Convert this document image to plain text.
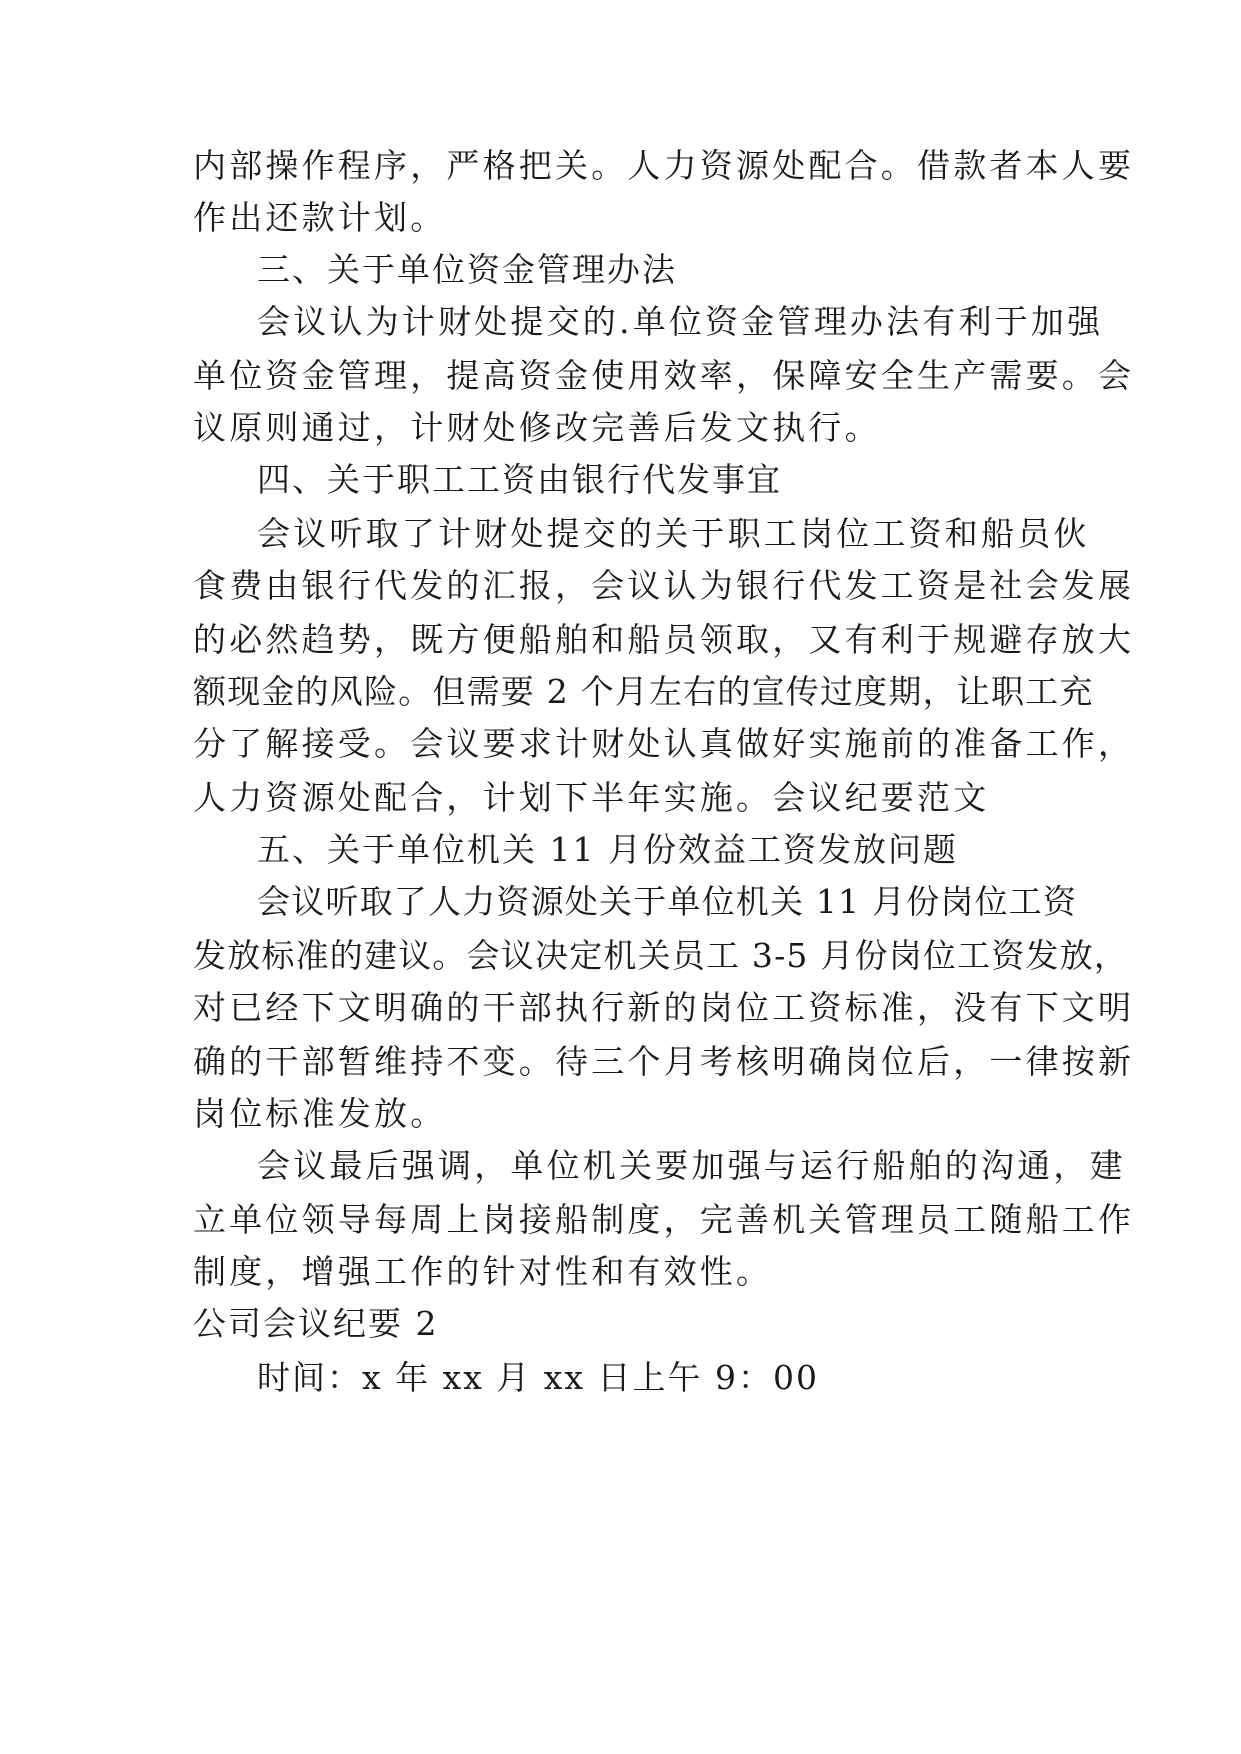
内部操作程序，严格把关。人力资源处配合。借款者本人要
作出还款计划。
三、关于单位资金管理办法
会议认为计财处提交的.单位资金管理办法有利于加强
单位资金管理，提高资金使用效率，保障安全生产需要。会
议原则通过，计财处修改完善后发文执行。
四、关于职工工资由银行代发事宜
会议听取了计财处提交的关于职工岗位工资和船员伙
食费由银行代发的汇报，会议认为银行代发工资是社会发展
的必然趋势，既方便船舶和船员领取，又有利于规避存放大
额现金的风险。但需要 2 个月左右的宣传过度期，让职工充
分了解接受。会议要求计财处认真做好实施前的准备工作，
人力资源处配合，计划下半年实施。会议纪要范文
五、关于单位机关 11 月份效益工资发放问题
会议听取了人力资源处关于单位机关 11 月份岗位工资
发放标准的建议。会议决定机关员工 3-5 月份岗位工资发放，
对已经下文明确的干部执行新的岗位工资标准，没有下文明
确的干部暂维持不变。待三个月考核明确岗位后，一律按新
岗位标准发放。
会议最后强调，单位机关要加强与运行船舶的沟通，建
立单位领导每周上岗接船制度，完善机关管理员工随船工作
制度，增强工作的针对性和有效性。
公司会议纪要 2
时间：x 年 xx 月 xx 日上午 9：00
